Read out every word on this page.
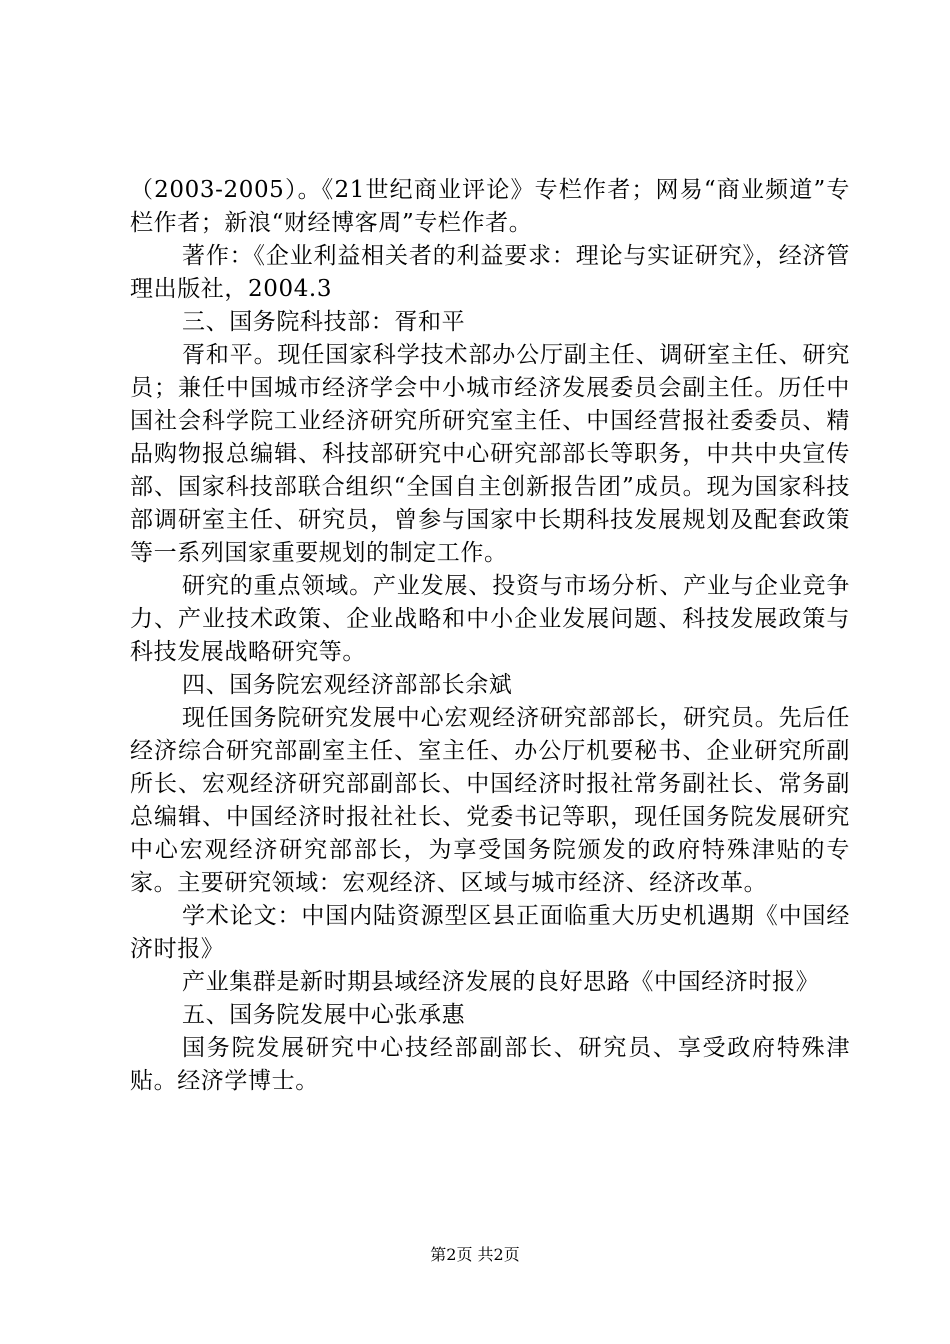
（2003-2005）。《21世纪商业评论》专栏作者；网易“商业频道”专栏作者；新浪“财经博客周”专栏作者。

著作：《企业利益相关者的利益要求：理论与实证研究》，经济管理出版社，2004.3

三、国务院科技部：胥和平

胥和平。现任国家科学技术部办公厅副主任、调研室主任、研究员；兼任中国城市经济学会中小城市经济发展委员会副主任。历任中国社会科学院工业经济研究所研究室主任、中国经营报社委委员、精品购物报总编辑、科技部研究中心研究部部长等职务，中共中央宣传部、国家科技部联合组织“全国自主创新报告团”成员。现为国家科技部调研室主任、研究员，曾参与国家中长期科技发展规划及配套政策等一系列国家重要规划的制定工作。

研究的重点领域。产业发展、投资与市场分析、产业与企业竞争力、产业技术政策、企业战略和中小企业发展问题、科技发展政策与科技发展战略研究等。

四、国务院宏观经济部部长余斌

现任国务院研究发展中心宏观经济研究部部长，研究员。先后任经济综合研究部副室主任、室主任、办公厅机要秘书、企业研究所副所长、宏观经济研究部副部长、中国经济时报社常务副社长、常务副总编辑、中国经济时报社社长、党委书记等职，现任国务院发展研究中心宏观经济研究部部长，为享受国务院颁发的政府特殊津贴的专家。主要研究领域：宏观经济、区域与城市经济、经济改革。

学术论文：中国内陆资源型区县正面临重大历史机遇期《中国经济时报》

产业集群是新时期县域经济发展的良好思路《中国经济时报》

五、国务院发展中心张承惠

国务院发展研究中心技经部副部长、研究员、享受政府特殊津贴。经济学博士。

第2页 共2页
